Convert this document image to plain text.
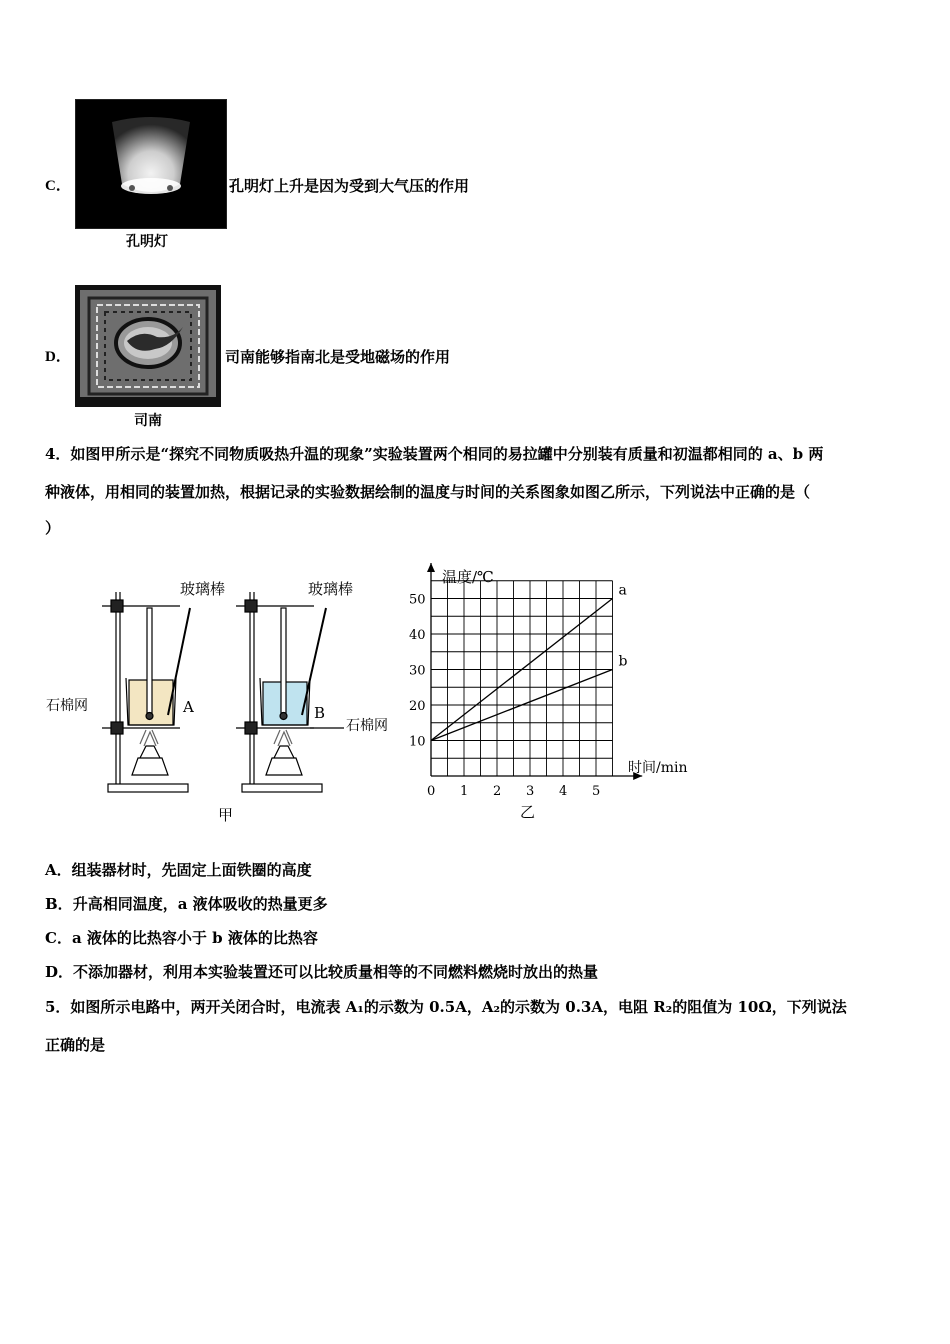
C．
孔明灯
孔明灯上升是因为受到大气压的作用
D．
司南
司南能够指南北是受地磁场的作用
4．如图甲所示是“探究不同物质吸热升温的现象”实验装置两个相同的易拉罐中分别装有质量和初温都相同的 a、b 两
种液体，用相同的装置加热，根据记录的实验数据绘制的温度与时间的关系图象如图乙所示，下列说法中正确的是（
）
玻璃棒	玻璃棒
石棉网
石棉网
A	B
甲
0 1 2 3 4 5
10
20
30
40
50
a
b
温度/℃
时间/min
乙
A．组装器材时，先固定上面铁圈的高度
B．升高相同温度，a 液体吸收的热量更多
C．a 液体的比热容小于 b 液体的比热容
D．不添加器材，利用本实验装置还可以比较质量相等的不同燃料燃烧时放出的热量
5．如图所示电路中，两开关闭合时，电流表 A₁的示数为 0.5A，A₂的示数为 0.3A，电阻 R₂的阻值为 10Ω，下列说法
正确的是
